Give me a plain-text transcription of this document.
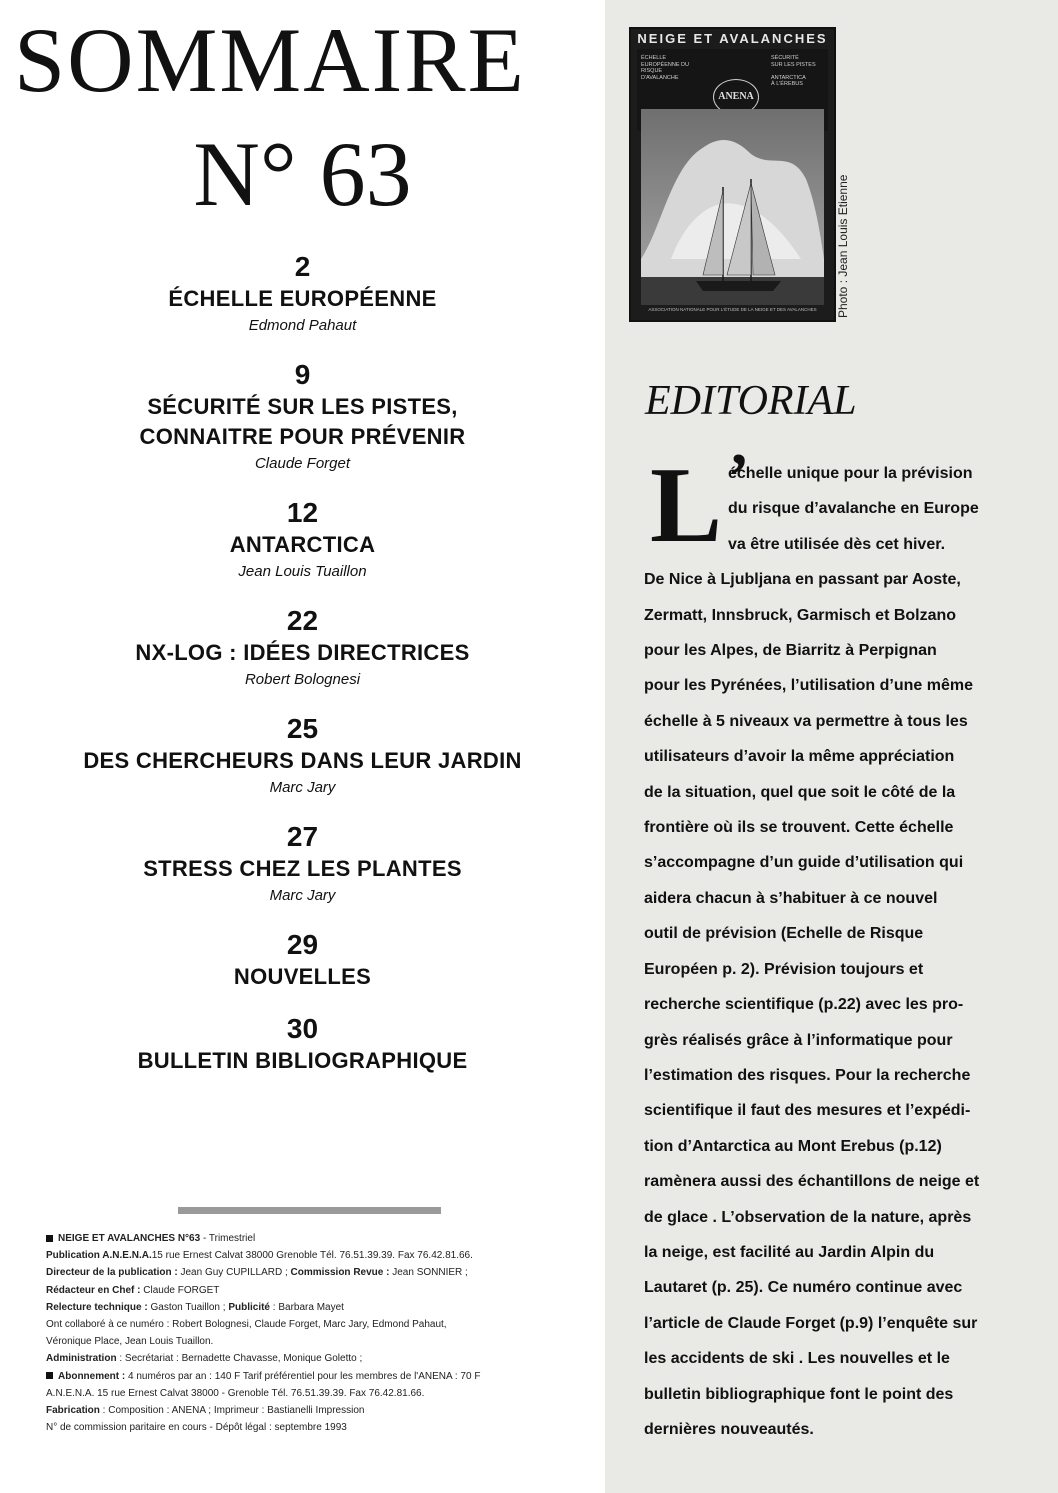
SOMMAIRE
N° 63
2
ÉCHELLE EUROPÉENNE
Edmond Pahaut
9
SÉCURITÉ SUR LES PISTES,
CONNAITRE POUR PRÉVENIR
Claude Forget
12
ANTARCTICA
Jean Louis Tuaillon
22
NX-LOG : IDÉES DIRECTRICES
Robert Bolognesi
25
DES CHERCHEURS DANS LEUR JARDIN
Marc Jary
27
STRESS CHEZ LES PLANTES
Marc Jary
29
NOUVELLES
30
BULLETIN BIBLIOGRAPHIQUE
NEIGE ET AVALANCHES N°63 - Trimestriel
Publication A.N.E.N.A.15 rue Ernest Calvat 38000 Grenoble Tél. 76.51.39.39. Fax 76.42.81.66.
Directeur de la publication : Jean Guy CUPILLARD ; Commission Revue : Jean SONNIER ;
Rédacteur en Chef : Claude FORGET
Relecture technique : Gaston Tuaillon ; Publicité : Barbara Mayet
Ont collaboré à ce numéro : Robert Bolognesi, Claude Forget, Marc Jary, Edmond Pahaut,
Véronique Place, Jean Louis Tuaillon.
Administration : Secrétariat : Bernadette Chavasse, Monique Goletto ;
Abonnement : 4 numéros par an : 140 F Tarif préférentiel pour les membres de l'ANENA : 70 F
A.N.E.N.A. 15 rue Ernest Calvat 38000 - Grenoble Tél. 76.51.39.39. Fax 76.42.81.66.
Fabrication : Composition : ANENA ; Imprimeur : Bastianelli Impression
N° de commission paritaire en cours - Dépôt légal : septembre 1993
NEIGE ET AVALANCHES
ÉCHELLE
EUROPÉENNE DU
RISQUE
D'AVALANCHE
ANENA
SÉCURITÉ
SUR LES PISTES

ANTARCTICA
À L'ÉREBUS
ASSOCIATION NATIONALE POUR L'ÉTUDE DE LA NEIGE ET DES AVALANCHES	Photo : Jean Louis Etienne
EDITORIAL
L’
échelle unique pour la prévision
du risque d’avalanche en Europe
va être utilisée dès cet hiver.
De Nice à Ljubljana en passant par Aoste,
Zermatt, Innsbruck, Garmisch et Bolzano
pour les Alpes, de Biarritz à Perpignan
pour les Pyrénées, l’utilisation d’une même
échelle à 5 niveaux va permettre à tous les
utilisateurs d’avoir la même appréciation
de la situation, quel que soit le côté de la
frontière où ils se trouvent. Cette échelle
s’accompagne d’un guide d’utilisation qui
aidera chacun à s’habituer à ce nouvel
outil de prévision (Echelle de Risque
Européen p. 2). Prévision toujours et
recherche scientifique (p.22) avec les pro-
grès réalisés grâce à l’informatique pour
l’estimation des risques. Pour la recherche
scientifique il faut des mesures et l’expédi-
tion d’Antarctica au Mont Erebus (p.12)
ramènera aussi des échantillons de neige et
de glace . L’observation de la nature, après
la neige, est facilité au Jardin Alpin du
Lautaret (p. 25). Ce numéro continue avec
l’article de Claude Forget (p.9) l’enquête sur
les accidents de ski . Les nouvelles et le
bulletin bibliographique font le point des
dernières nouveautés.
